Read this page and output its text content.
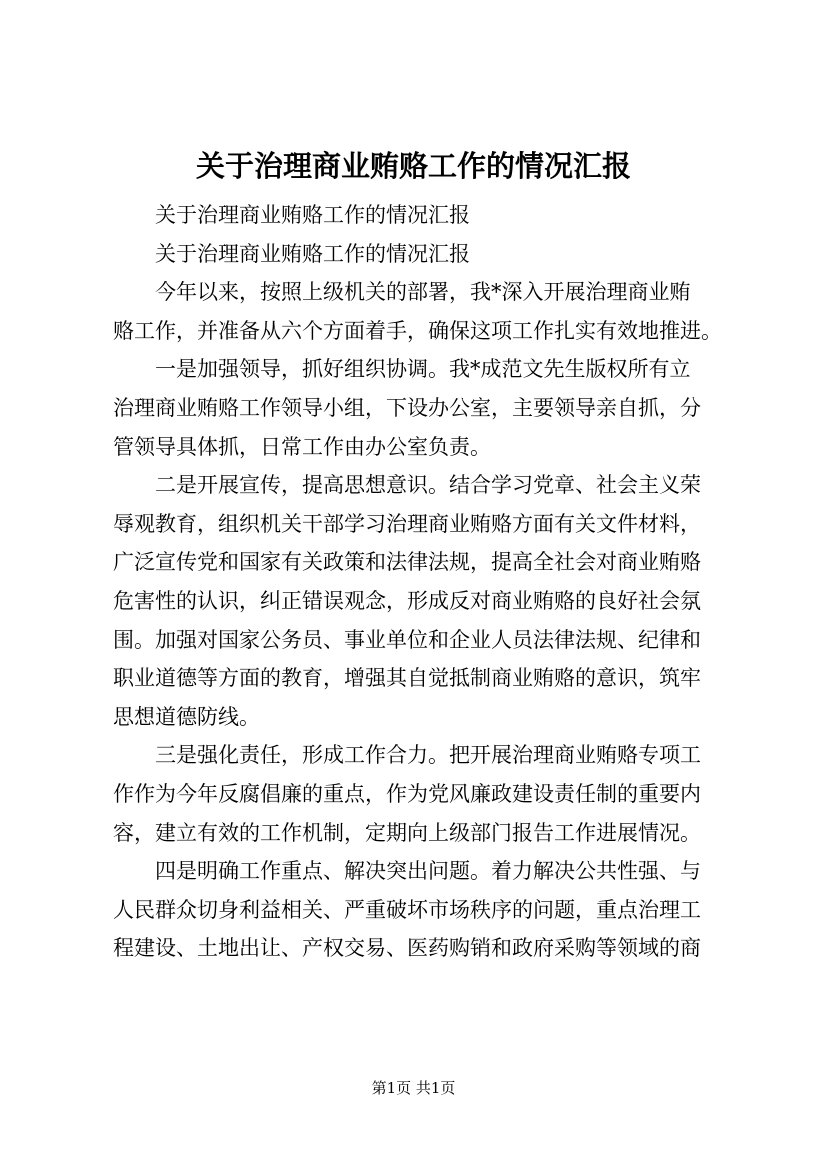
关于治理商业贿赂工作的情况汇报
关于治理商业贿赂工作的情况汇报
关于治理商业贿赂工作的情况汇报
今年以来，按照上级机关的部署，我*深入开展治理商业贿
赂工作，并准备从六个方面着手，确保这项工作扎实有效地推进。
一是加强领导，抓好组织协调。我*成范文先生版权所有立
治理商业贿赂工作领导小组，下设办公室，主要领导亲自抓，分
管领导具体抓，日常工作由办公室负责。
二是开展宣传，提高思想意识。结合学习党章、社会主义荣
辱观教育，组织机关干部学习治理商业贿赂方面有关文件材料，
广泛宣传党和国家有关政策和法律法规，提高全社会对商业贿赂
危害性的认识，纠正错误观念，形成反对商业贿赂的良好社会氛
围。加强对国家公务员、事业单位和企业人员法律法规、纪律和
职业道德等方面的教育，增强其自觉抵制商业贿赂的意识，筑牢
思想道德防线。
三是强化责任，形成工作合力。把开展治理商业贿赂专项工
作作为今年反腐倡廉的重点，作为党风廉政建设责任制的重要内
容，建立有效的工作机制，定期向上级部门报告工作进展情况。
四是明确工作重点、解决突出问题。着力解决公共性强、与
人民群众切身利益相关、严重破坏市场秩序的问题，重点治理工
程建设、土地出让、产权交易、医药购销和政府采购等领域的商
第1页 共1页
